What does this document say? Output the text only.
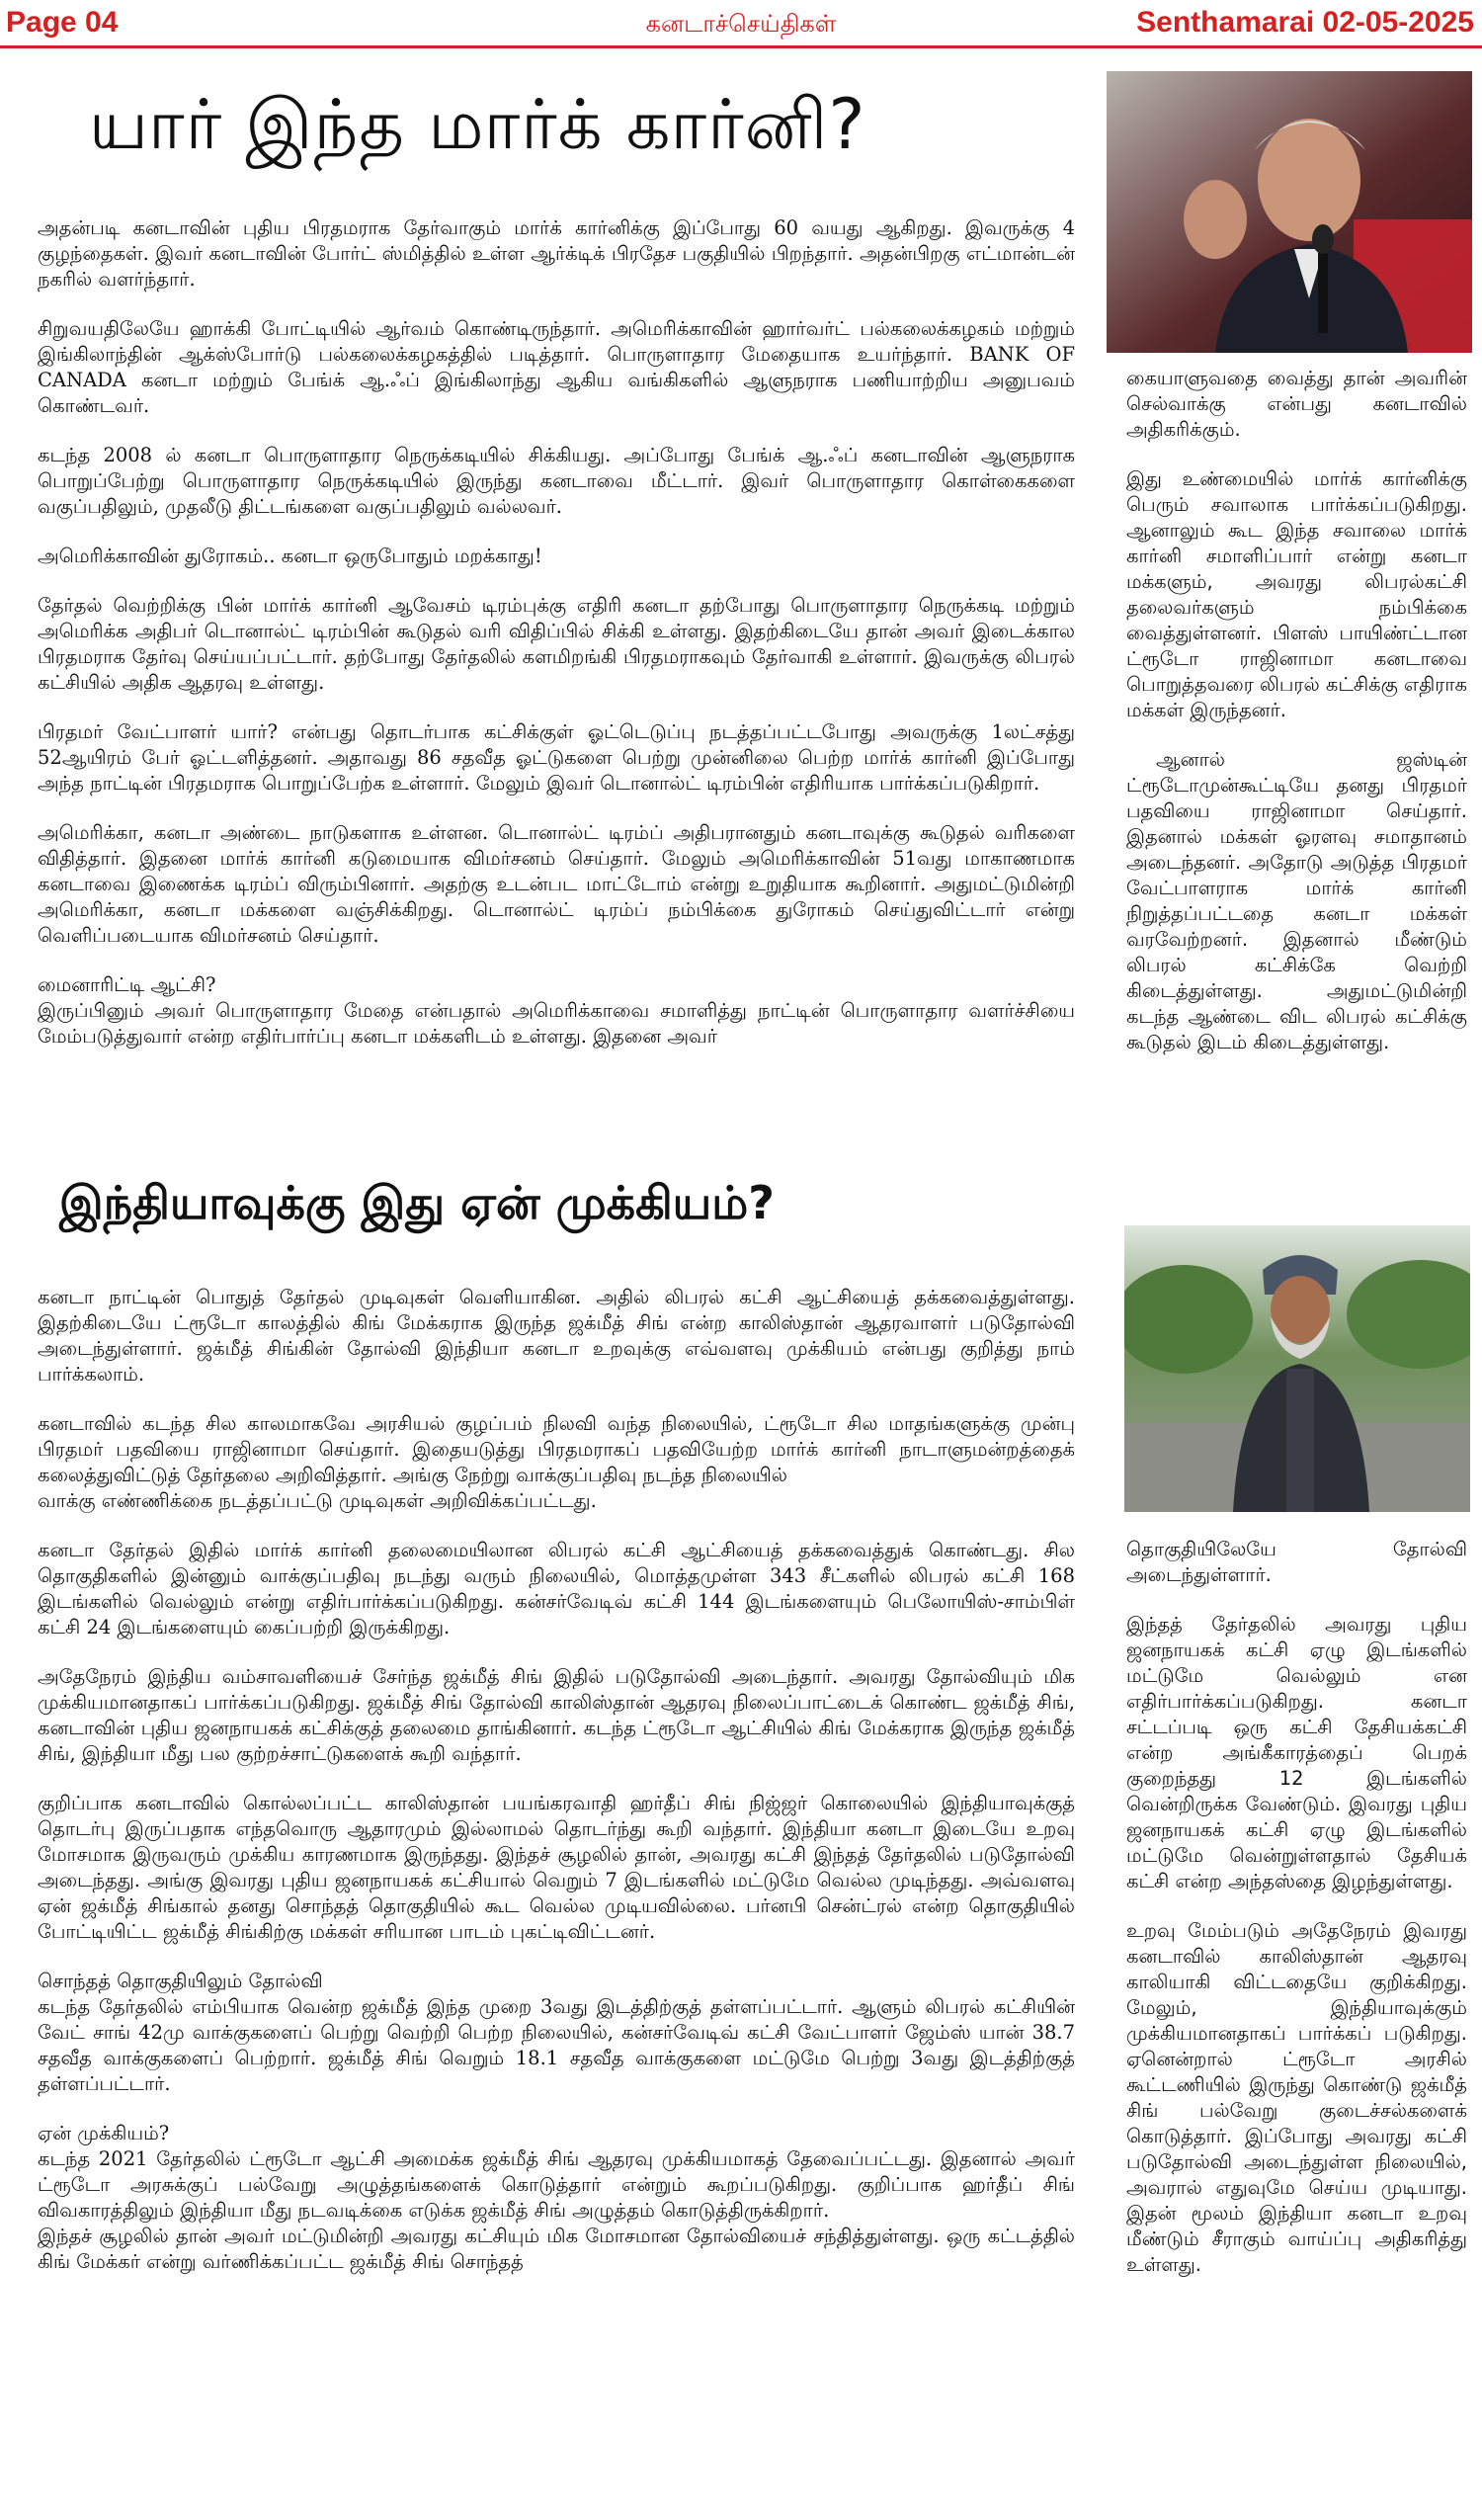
Page 04	கனடாச்செய்திகள்	Senthamarai 02-05-2025
யார் இந்த மார்க் கார்னி?

அதன்படி கனடாவின் புதிய பிரதமராக தேர்வாகும் மார்க் கார்னிக்கு இப்போது 60 வயது ஆகிறது. இவருக்கு 4 குழந்தைகள். இவர் கனடாவின் போர்ட் ஸ்மித்தில் உள்ள ஆர்க்டிக் பிரதேச பகுதியில் பிறந்தார். அதன்பிறகு எட்மான்டன் நகரில் வளர்ந்தார்.

சிறுவயதிலேயே ஹாக்கி போட்டியில் ஆர்வம் கொண்டிருந்தார். அமெரிக்காவின் ஹார்வர்ட் பல்கலைக்கழகம் மற்றும் இங்கிலாந்தின் ஆக்ஸ்போர்டு பல்கலைக்கழகத்தில் படித்தார். பொருளாதார மேதையாக உயர்ந்தார். BANK OF CANADA கனடா மற்றும் பேங்க் ஆ.ஃப் இங்கிலாந்து ஆகிய வங்கிகளில் ஆளுநராக பணியாற்றிய அனுபவம் கொண்டவர்.

கடந்த 2008 ல் கனடா பொருளாதார நெருக்கடியில் சிக்கியது. அப்போது பேங்க் ஆ.ஃப் கனடாவின் ஆளுநராக பொறுப்பேற்று பொருளாதார நெருக்கடியில் இருந்து கனடாவை மீட்டார். இவர் பொருளாதார கொள்கைகளை வகுப்பதிலும், முதலீடு திட்டங்களை வகுப்பதிலும் வல்லவர்.

அமெரிக்காவின் துரோகம்.. கனடா ஒருபோதும் மறக்காது!

தேர்தல் வெற்றிக்கு பின் மார்க் கார்னி ஆவேசம் டிரம்புக்கு எதிரி கனடா தற்போது பொருளாதார நெருக்கடி மற்றும் அமெரிக்க அதிபர் டொனால்ட் டிரம்பின் கூடுதல் வரி விதிப்பில் சிக்கி உள்ளது. இதற்கிடையே தான் அவர் இடைக்கால பிரதமராக தேர்வு செய்யப்பட்டார். தற்போது தேர்தலில் களமிறங்கி பிரதமராகவும் தேர்வாகி உள்ளார். இவருக்கு லிபரல் கட்சியில் அதிக ஆதரவு உள்ளது.

பிரதமர் வேட்பாளர் யார்? என்பது தொடர்பாக கட்சிக்குள் ஓட்டெடுப்பு நடத்தப்பட்டபோது அவருக்கு 1லட்சத்து 52ஆயிரம் பேர் ஓட்டளித்தனர். அதாவது 86 சதவீத ஓட்டுகளை பெற்று முன்னிலை பெற்ற மார்க் கார்னி இப்போது அந்த நாட்டின் பிரதமராக பொறுப்பேற்க உள்ளார். மேலும் இவர் டொனால்ட் டிரம்பின் எதிரியாக பார்க்கப்படுகிறார்.

அமெரிக்கா, கனடா அண்டை நாடுகளாக உள்ளன. டொனால்ட் டிரம்ப் அதிபரானதும் கனடாவுக்கு கூடுதல் வரிகளை விதித்தார். இதனை மார்க் கார்னி கடுமையாக விமர்சனம் செய்தார். மேலும் அமெரிக்காவின் 51வது மாகாணமாக கனடாவை இணைக்க டிரம்ப் விரும்பினார். அதற்கு உடன்பட மாட்டோம் என்று உறுதியாக கூறினார். அதுமட்டுமின்றி அமெரிக்கா, கனடா மக்களை வஞ்சிக்கிறது. டொனால்ட் டிரம்ப் நம்பிக்கை துரோகம் செய்துவிட்டார் என்று வெளிப்படையாக விமர்சனம் செய்தார்.

மைனாரிட்டி ஆட்சி?
இருப்பினும் அவர் பொருளாதார மேதை என்பதால் அமெரிக்காவை சமாளித்து நாட்டின் பொருளாதார வளர்ச்சியை மேம்படுத்துவார் என்ற எதிர்பார்ப்பு கனடா மக்களிடம் உள்ளது. இதனை அவர்

கையாளுவதை வைத்து தான் அவரின் செல்வாக்கு என்பது கனடாவில் அதிகரிக்கும்.

இது உண்மையில் மார்க் கார்னிக்கு பெரும் சவாலாக பார்க்கப்படுகிறது. ஆனாலும் கூட இந்த சவாலை மார்க் கார்னி சமாளிப்பார் என்று கனடா மக்களும், அவரது லிபரல்கட்சி தலைவர்களும் நம்பிக்கை வைத்துள்ளனர். பிளஸ் பாயிண்ட்டான ட்ரூடோ ராஜினாமா கனடாவை பொறுத்தவரை லிபரல் கட்சிக்கு எதிராக மக்கள் இருந்தனர்.

ஆனால் ஜஸ்டின் ட்ரூடோமுன்கூட்டியே தனது பிரதமர் பதவியை ராஜினாமா செய்தார். இதனால் மக்கள் ஓரளவு சமாதானம் அடைந்தனர். அதோடு அடுத்த பிரதமர் வேட்பாளராக மார்க் கார்னி நிறுத்தப்பட்டதை கனடா மக்கள் வரவேற்றனர். இதனால் மீண்டும் லிபரல் கட்சிக்கே வெற்றி கிடைத்துள்ளது. அதுமட்டுமின்றி கடந்த ஆண்டை விட லிபரல் கட்சிக்கு கூடுதல் இடம் கிடைத்துள்ளது.

இந்தியாவுக்கு இது ஏன் முக்கியம்?

கனடா நாட்டின் பொதுத் தேர்தல் முடிவுகள் வெளியாகின. அதில் லிபரல் கட்சி ஆட்சியைத் தக்கவைத்துள்ளது. இதற்கிடையே ட்ரூடோ காலத்தில் கிங் மேக்கராக இருந்த ஜக்மீத் சிங் என்ற காலிஸ்தான் ஆதரவாளர் படுதோல்வி அடைந்துள்ளார். ஜக்மீத் சிங்கின் தோல்வி இந்தியா கனடா உறவுக்கு எவ்வளவு முக்கியம் என்பது குறித்து நாம் பார்க்கலாம்.

கனடாவில் கடந்த சில காலமாகவே அரசியல் குழப்பம் நிலவி வந்த நிலையில், ட்ரூடோ சில மாதங்களுக்கு முன்பு பிரதமர் பதவியை ராஜினாமா செய்தார். இதையடுத்து பிரதமராகப் பதவியேற்ற மார்க் கார்னி நாடாளுமன்றத்தைக் கலைத்துவிட்டுத் தேர்தலை அறிவித்தார். அங்கு நேற்று வாக்குப்பதிவு நடந்த நிலையில்
வாக்கு எண்ணிக்கை நடத்தப்பட்டு முடிவுகள் அறிவிக்கப்பட்டது.

கனடா தேர்தல் இதில் மார்க் கார்னி தலைமையிலான லிபரல் கட்சி ஆட்சியைத் தக்கவைத்துக் கொண்டது. சில தொகுதிகளில் இன்னும் வாக்குப்பதிவு நடந்து வரும் நிலையில், மொத்தமுள்ள 343 சீட்களில் லிபரல் கட்சி 168 இடங்களில் வெல்லும் என்று எதிர்பார்க்கப்படுகிறது. கன்சர்வேடிவ் கட்சி 144 இடங்களையும் பெலோயிஸ்-சாம்பிள் கட்சி 24 இடங்களையும் கைப்பற்றி இருக்கிறது.

அதேநேரம் இந்திய வம்சாவளியைச் சேர்ந்த ஜக்மீத் சிங் இதில் படுதோல்வி அடைந்தார். அவரது தோல்வியும் மிக முக்கியமானதாகப் பார்க்கப்படுகிறது. ஜக்மீத் சிங் தோல்வி காலிஸ்தான் ஆதரவு நிலைப்பாட்டைக் கொண்ட ஜக்மீத் சிங், கனடாவின் புதிய ஜனநாயகக் கட்சிக்குத் தலைமை தாங்கினார். கடந்த ட்ரூடோ ஆட்சியில் கிங் மேக்கராக இருந்த ஜக்மீத் சிங், இந்தியா மீது பல குற்றச்சாட்டுகளைக் கூறி வந்தார்.

குறிப்பாக கனடாவில் கொல்லப்பட்ட காலிஸ்தான் பயங்கரவாதி ஹர்தீப் சிங் நிஜ்ஜர் கொலையில் இந்தியாவுக்குத் தொடர்பு இருப்பதாக எந்தவொரு ஆதாரமும் இல்லாமல் தொடர்ந்து கூறி வந்தார். இந்தியா கனடா இடையே உறவு மோசமாக இருவரும் முக்கிய காரணமாக இருந்தது. இந்தச் சூழலில் தான், அவரது கட்சி இந்தத் தேர்தலில் படுதோல்வி அடைந்தது. அங்கு இவரது புதிய ஜனநாயகக் கட்சியால் வெறும் 7 இடங்களில் மட்டுமே வெல்ல முடிந்தது. அவ்வளவு ஏன் ஜக்மீத் சிங்கால் தனது சொந்தத் தொகுதியில் கூட வெல்ல முடியவில்லை. பர்னபி சென்ட்ரல் என்ற தொகுதியில் போட்டியிட்ட ஜக்மீத் சிங்கிற்கு மக்கள் சரியான பாடம் புகட்டிவிட்டனர்.

சொந்தத் தொகுதியிலும் தோல்வி
கடந்த தேர்தலில் எம்பியாக வென்ற ஜக்மீத் இந்த முறை 3வது இடத்திற்குத் தள்ளப்பட்டார். ஆளும் லிபரல் கட்சியின் வேட் சாங் 42மு வாக்குகளைப் பெற்று வெற்றி பெற்ற நிலையில், கன்சர்வேடிவ் கட்சி வேட்பாளர் ஜேம்ஸ் யான் 38.7 சதவீத வாக்குகளைப் பெற்றார். ஜக்மீத் சிங் வெறும் 18.1 சதவீத வாக்குகளை மட்டுமே பெற்று 3வது இடத்திற்குத் தள்ளப்பட்டார்.

ஏன் முக்கியம்?
கடந்த 2021 தேர்தலில் ட்ரூடோ ஆட்சி அமைக்க ஜக்மீத் சிங் ஆதரவு முக்கியமாகத் தேவைப்பட்டது. இதனால் அவர் ட்ரூடோ அரசுக்குப் பல்வேறு அழுத்தங்களைக் கொடுத்தார் என்றும் கூறப்படுகிறது. குறிப்பாக ஹர்தீப் சிங் விவகாரத்திலும் இந்தியா மீது நடவடிக்கை எடுக்க ஜக்மீத் சிங் அழுத்தம் கொடுத்திருக்கிறார்.
இந்தச் சூழலில் தான் அவர் மட்டுமின்றி அவரது கட்சியும் மிக மோசமான தோல்வியைச் சந்தித்துள்ளது. ஒரு கட்டத்தில் கிங் மேக்கர் என்று வர்ணிக்கப்பட்ட ஜக்மீத் சிங் சொந்தத்

தொகுதியிலேயே தோல்வி அடைந்துள்ளார்.

இந்தத் தேர்தலில் அவரது புதிய ஜனநாயகக் கட்சி ஏழு இடங்களில் மட்டுமே வெல்லும் என எதிர்பார்க்கப்படுகிறது. கனடா சட்டப்படி ஒரு கட்சி தேசியக்கட்சி என்ற அங்கீகாரத்தைப் பெறக் குறைந்தது 12 இடங்களில் வென்றிருக்க வேண்டும். இவரது புதிய ஜனநாயகக் கட்சி ஏழு இடங்களில் மட்டுமே வென்றுள்ளதால் தேசியக் கட்சி என்ற அந்தஸ்தை இழந்துள்ளது.

உறவு மேம்படும் அதேநேரம் இவரது கனடாவில் காலிஸ்தான் ஆதரவு காலியாகி விட்டதையே குறிக்கிறது. மேலும், இந்தியாவுக்கும் முக்கியமானதாகப் பார்க்கப் படுகிறது. ஏனென்றால் ட்ரூடோ அரசில் கூட்டணியில் இருந்து கொண்டு ஜக்மீத் சிங் பல்வேறு குடைச்சல்களைக் கொடுத்தார். இப்போது அவரது கட்சி படுதோல்வி அடைந்துள்ள நிலையில், அவரால் எதுவுமே செய்ய முடியாது. இதன் மூலம் இந்தியா கனடா உறவு மீண்டும் சீராகும் வாய்ப்பு அதிகரித்து உள்ளது.
